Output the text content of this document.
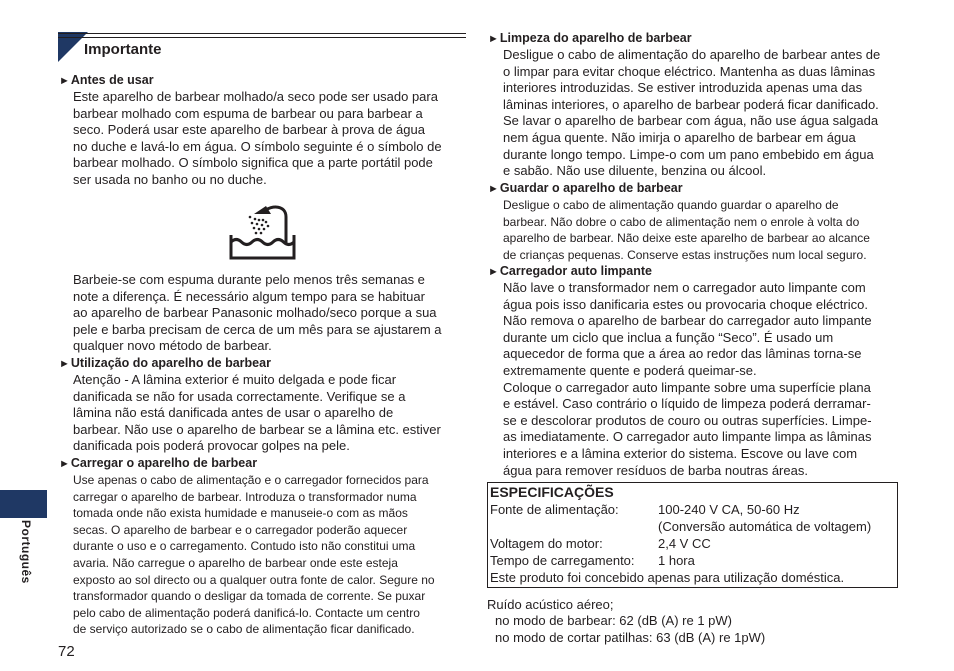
Importante
►Antes de usar
Este aparelho de barbear molhado/a seco pode ser usado para
barbear molhado com espuma de barbear ou para barbear a
seco. Poderá usar este aparelho de barbear à prova de água
no duche e lavá-lo em água. O símbolo seguinte é o símbolo de
barbear molhado. O símbolo significa que a parte portátil pode
ser usada no banho ou no duche.
Barbeie-se com espuma durante pelo menos três semanas e
note a diferença. É necessário algum tempo para se habituar
ao aparelho de barbear Panasonic molhado/seco porque a sua
pele e barba precisam de cerca de um mês para se ajustarem a
qualquer novo método de barbear.
►Utilização do aparelho de barbear
Atenção - A lâmina exterior é muito delgada e pode ficar
danificada se não for usada correctamente. Verifique se a
lâmina não está danificada antes de usar o aparelho de
barbear. Não use o aparelho de barbear se a lâmina etc. estiver
danificada pois poderá provocar golpes na pele.
►Carregar o aparelho de barbear
Use apenas o cabo de alimentação e o carregador fornecidos para
carregar o aparelho de barbear. Introduza o transformador numa
tomada onde não exista humidade e manuseie-o com as mãos
secas. O aparelho de barbear e o carregador poderão aquecer
durante o uso e o carregamento. Contudo isto não constitui uma
avaria. Não carregue o aparelho de barbear onde este esteja
exposto ao sol directo ou a qualquer outra fonte de calor. Segure no
transformador quando o desligar da tomada de corrente. Se puxar
pelo cabo de alimentação poderá danificá-lo. Contacte um centro
de serviço autorizado se o cabo de alimentação ficar danificado.
►Limpeza do aparelho de barbear
Desligue o cabo de alimentação do aparelho de barbear antes de
o limpar para evitar choque eléctrico. Mantenha as duas lâminas
interiores introduzidas. Se estiver introduzida apenas uma das
lâminas interiores, o aparelho de barbear poderá ficar danificado.
Se lavar o aparelho de barbear com água, não use água salgada
nem água quente. Não imirja o aparelho de barbear em água
durante longo tempo. Limpe-o com um pano embebido em água
e sabão. Não use diluente, benzina ou álcool.
►Guardar o aparelho de barbear
Desligue o cabo de alimentação quando guardar o aparelho de
barbear. Não dobre o cabo de alimentação nem o enrole à volta do
aparelho de barbear. Não deixe este aparelho de barbear ao alcance
de crianças pequenas. Conserve estas instruções num local seguro.
►Carregador auto limpante
Não lave o transformador nem o carregador auto limpante com
água pois isso danificaria estes ou provocaria choque eléctrico.
Não remova o aparelho de barbear do carregador auto limpante
durante um ciclo que inclua a função “Seco”. É usado um
aquecedor de forma que a área ao redor das lâminas torna-se
extremamente quente e poderá queimar-se.
Coloque o carregador auto limpante sobre uma superfície plana
e estável. Caso contrário o líquido de limpeza poderá derramar-
se e descolorar produtos de couro ou outras superfícies. Limpe-
as imediatamente. O carregador auto limpante limpa as lâminas
interiores e a lâmina exterior do sistema. Escove ou lave com
água para remover resíduos de barba noutras áreas.
ESPECIFICAÇÕES
Fonte de alimentação:	100-240 V CA, 50-60 Hz
(Conversão automática de voltagem)
Voltagem do motor:	2,4 V CC
Tempo de carregamento: 1 hora
Este produto foi concebido apenas para utilização doméstica.
Ruído acústico aéreo;
no modo de barbear: 62 (dB (A) re 1 pW)
no modo de cortar patilhas: 63 (dB (A) re 1pW)
Português
72
